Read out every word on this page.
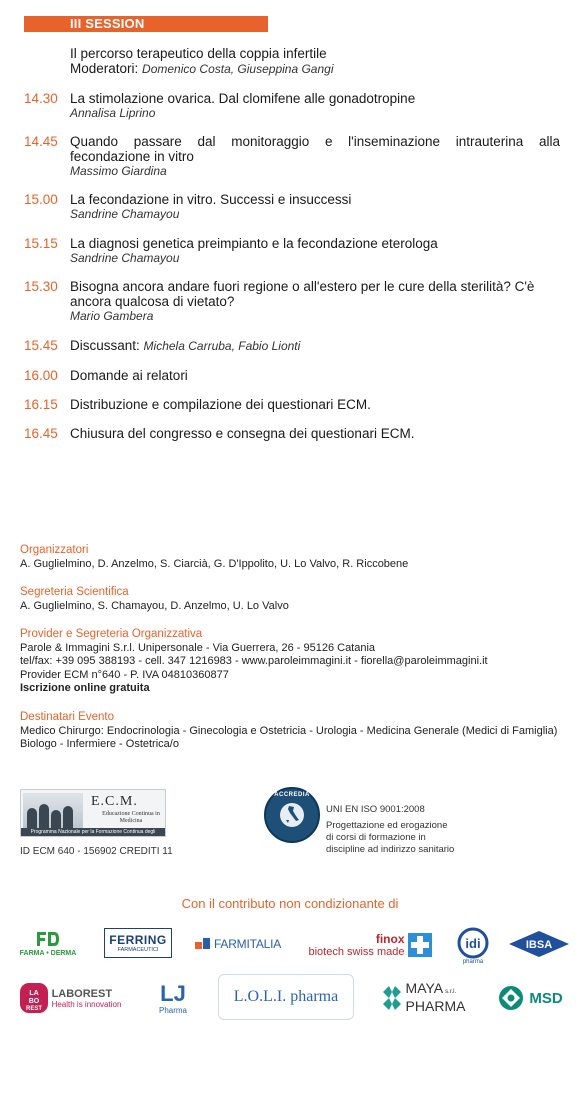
III SESSION
Il percorso terapeutico della coppia infertile
Moderatori: Domenico Costa, Giuseppina Gangi
14.30 La stimolazione ovarica. Dal clomifene alle gonadotropine
Annalisa Liprino
14.45 Quando passare dal monitoraggio e l'inseminazione intrauterina alla fecondazione in vitro
Massimo Giardina
15.00 La fecondazione in vitro. Successi e insuccessi
Sandrine Chamayou
15.15 La diagnosi genetica preimpianto e la fecondazione eterologa
Sandrine Chamayou
15.30 Bisogna ancora andare fuori regione o all'estero per le cure della sterilità? C'è ancora qualcosa di vietato?
Mario Gambera
15.45 Discussant: Michela Carruba, Fabio Lionti
16.00 Domande ai relatori
16.15 Distribuzione e compilazione dei questionari ECM.
16.45 Chiusura del congresso e consegna dei questionari ECM.
Organizzatori
A. Guglielmino, D. Anzelmo, S. Ciarcià, G. D'Ippolito, U. Lo Valvo, R. Riccobene
Segreteria Scientifica
A. Guglielmino, S. Chamayou, D. Anzelmo, U. Lo Valvo
Provider e Segreteria Organizzativa
Parole & Immagini S.r.l. Unipersonale - Via Guerrera, 26 - 95126 Catania
tel/fax: +39 095 388193 - cell. 347 1216983 - www.paroleimmagini.it - fiorella@paroleimmagini.it
Provider ECM n°640 - P. IVA 04810360877
Iscrizione online gratuita
Destinatari Evento
Medico Chirurgo: Endocrinologia - Ginecologia e Ostetricia - Urologia - Medicina Generale (Medici di Famiglia)
Biologo - Infermiere - Ostetrica/o
E.C.M.
Educazione Continua in Medicina
Programma Nazionale per la Formazione Continua degli operatori della Sanità
ID ECM 640 - 156902 CREDITI 11
ACCREDIA
UNI EN ISO 9001:2008
Progettazione ed erogazione
di corsi di formazione in
discipline ad indirizzo sanitario
Con il contributo non condizionante di
FARMA • DERMA
FERRING
FARMACEUTICI	FARMITALIA	finox
biotech swiss made
idi
pharma
IBSA
LA
BO
REST
LABOREST
Health is innovation LJ
Pharma
L.O.L.I. pharma	MAYA s.r.l.
PHARMA	MSD
